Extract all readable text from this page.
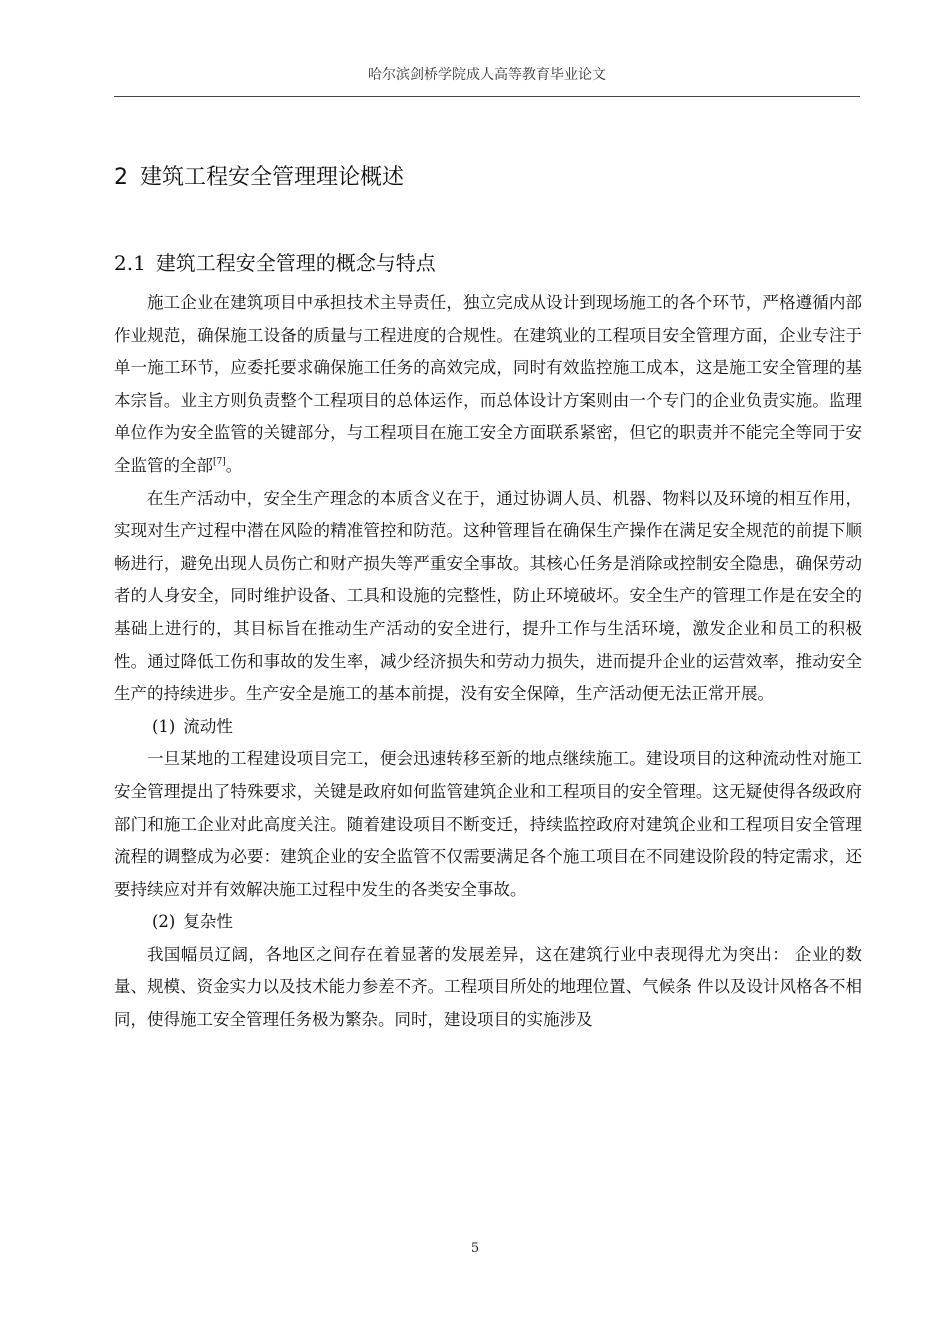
哈尔滨剑桥学院成人高等教育毕业论文
2 建筑工程安全管理理论概述
2.1 建筑工程安全管理的概念与特点

施工企业在建筑项目中承担技术主导责任，独立完成从设计到现场施工的各个环节，严格遵循内部作业规范，确保施工设备的质量与工程进度的合规性。在建筑业的工程项目安全管理方面，企业专注于单一施工环节，应委托要求确保施工任务的高效完成，同时有效监控施工成本，这是施工安全管理的基本宗旨。业主方则负责整个工程项目的总体运作，而总体设计方案则由一个专门的企业负责实施。监理单位作为安全监管的关键部分，与工程项目在施工安全方面联系紧密，但它的职责并不能完全等同于安全监管的全部[7]。

在生产活动中，安全生产理念的本质含义在于，通过协调人员、机器、物料以及环境的相互作用，实现对生产过程中潜在风险的精准管控和防范。这种管理旨在确保生产操作在满足安全规范的前提下顺畅进行，避免出现人员伤亡和财产损失等严重安全事故。其核心任务是消除或控制安全隐患，确保劳动者的人身安全，同时维护设备、工具和设施的完整性，防止环境破坏。安全生产的管理工作是在安全的基础上进行的，其目标旨在推动生产活动的安全进行，提升工作与生活环境，激发企业和员工的积极性。通过降低工伤和事故的发生率，减少经济损失和劳动力损失，进而提升企业的运营效率，推动安全生产的持续进步。生产安全是施工的基本前提，没有安全保障，生产活动便无法正常开展。

(1) 流动性

一旦某地的工程建设项目完工，便会迅速转移至新的地点继续施工。建设项目的这种流动性对施工安全管理提出了特殊要求，关键是政府如何监管建筑企业和工程项目的安全管理。这无疑使得各级政府部门和施工企业对此高度关注。随着建设项目不断变迁，持续监控政府对建筑企业和工程项目安全管理流程的调整成为必要：建筑企业的安全监管不仅需要满足各个施工项目在不同建设阶段的特定需求，还要持续应对并有效解决施工过程中发生的各类安全事故。

(2) 复杂性

我国幅员辽阔，各地区之间存在着显著的发展差异，这在建筑行业中表现得尤为突出： 企业的数量、规模、资金实力以及技术能力参差不齐。工程项目所处的地理位置、气候条 件以及设计风格各不相同，使得施工安全管理任务极为繁杂。同时，建设项目的实施涉及

5
